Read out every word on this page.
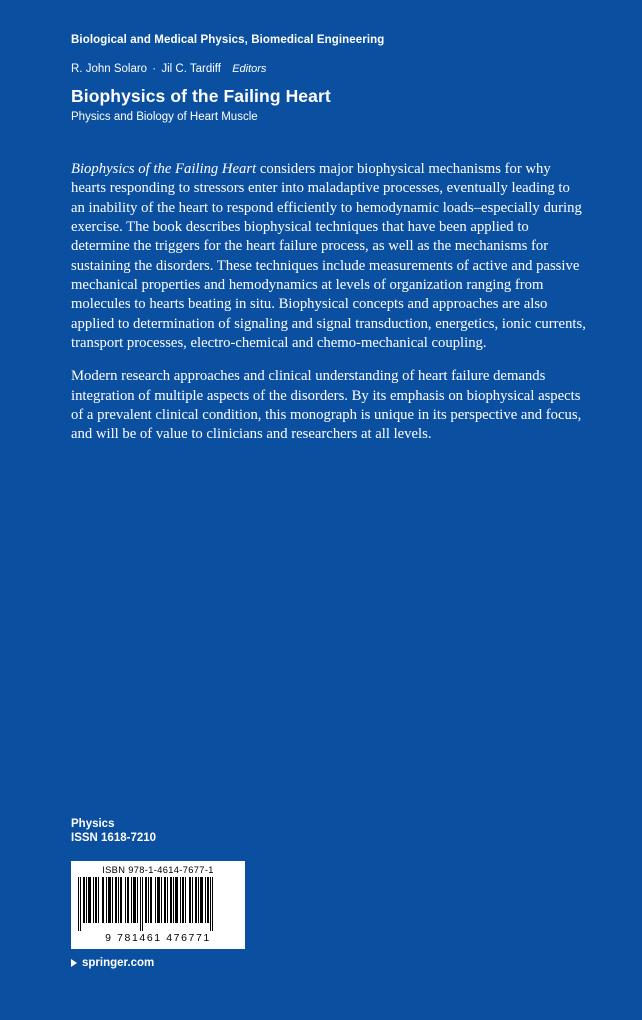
Biological and Medical Physics, Biomedical Engineering
R. John Solaro · Jil C. Tardiff Editors
Biophysics of the Failing Heart
Physics and Biology of Heart Muscle

Biophysics of the Failing Heart considers major biophysical mechanisms for why hearts responding to stressors enter into maladaptive processes, eventually leading to an inability of the heart to respond efficiently to hemodynamic loads–especially during exercise. The book describes biophysical techniques that have been applied to determine the triggers for the heart failure process, as well as the mechanisms for sustaining the disorders. These techniques include measurements of active and passive mechanical properties and hemodynamics at levels of organization ranging from molecules to hearts beating in situ. Biophysical concepts and approaches are also applied to determination of signaling and signal transduction, energetics, ionic currents, transport processes, electro-chemical and chemo-mechanical coupling.

Modern research approaches and clinical understanding of heart failure demands integration of multiple aspects of the disorders. By its emphasis on biophysical aspects of a prevalent clinical condition, this monograph is unique in its perspective and focus, and will be of value to clinicians and researchers at all levels.

Physics
ISSN 1618-7210
ISBN 978-1-4614-7677-1
9 781461 476771
springer.com
